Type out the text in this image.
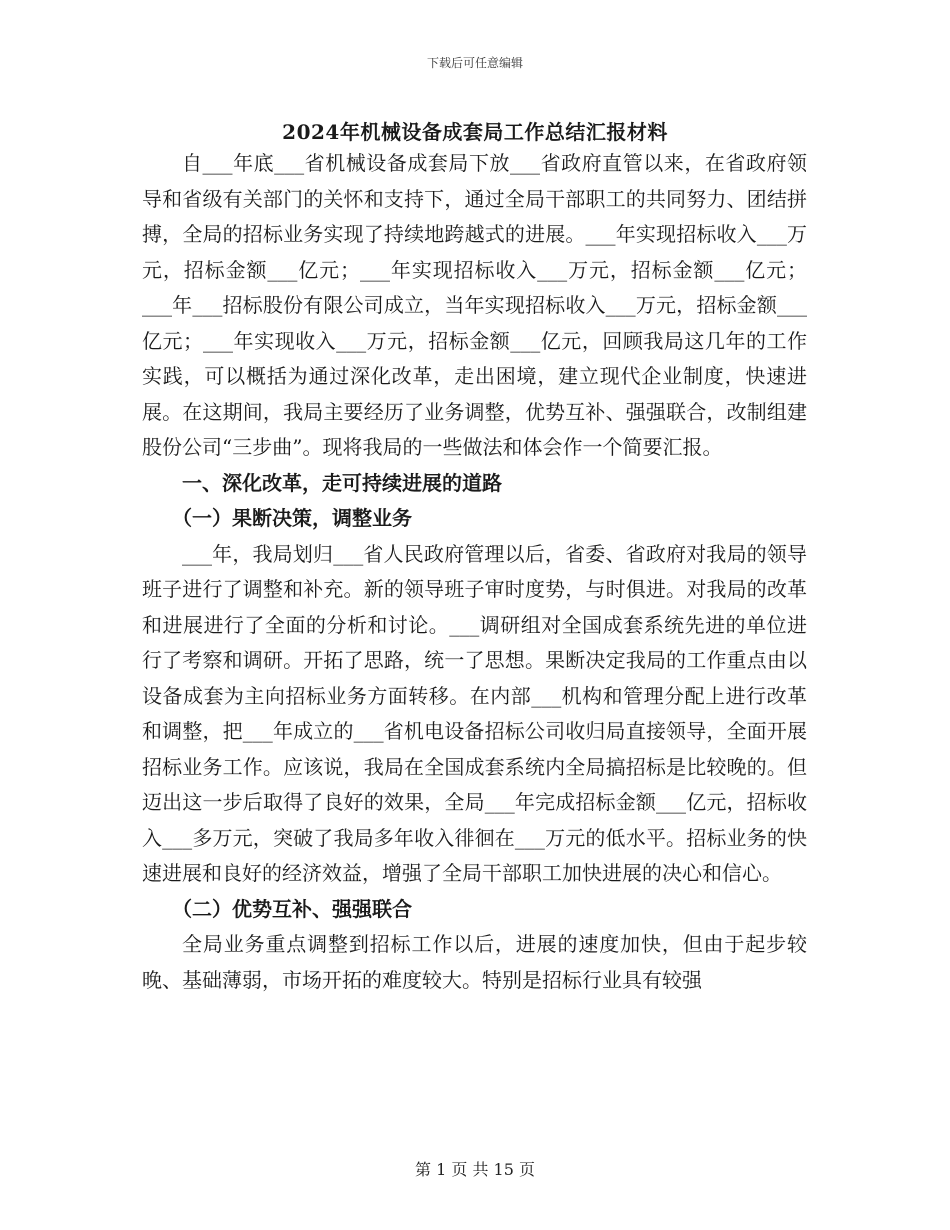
下载后可任意编辑
2024年机械设备成套局工作总结汇报材料

自___年底___省机械设备成套局下放___省政府直管以来，在省政府领导和省级有关部门的关怀和支持下，通过全局干部职工的共同努力、团结拼搏，全局的招标业务实现了持续地跨越式的进展。___年实现招标收入___万元，招标金额___亿元；___年实现招标收入___万元，招标金额___亿元；___年___招标股份有限公司成立，当年实现招标收入___万元，招标金额___亿元；___年实现收入___万元，招标金额___亿元，回顾我局这几年的工作实践，可以概括为通过深化改革，走出困境，建立现代企业制度，快速进展。在这期间，我局主要经历了业务调整，优势互补、强强联合，改制组建股份公司“三步曲”。现将我局的一些做法和体会作一个简要汇报。

一、深化改革，走可持续进展的道路
（一）果断决策，调整业务

___年，我局划归___省人民政府管理以后，省委、省政府对我局的领导班子进行了调整和补充。新的领导班子审时度势，与时俱进。对我局的改革和进展进行了全面的分析和讨论。___调研组对全国成套系统先进的单位进行了考察和调研。开拓了思路，统一了思想。果断决定我局的工作重点由以设备成套为主向招标业务方面转移。在内部___机构和管理分配上进行改革和调整，把___年成立的___省机电设备招标公司收归局直接领导，全面开展招标业务工作。应该说，我局在全国成套系统内全局搞招标是比较晚的。但迈出这一步后取得了良好的效果，全局___年完成招标金额___亿元，招标收入___多万元，突破了我局多年收入徘徊在___万元的低水平。招标业务的快速进展和良好的经济效益，增强了全局干部职工加快进展的决心和信心。

（二）优势互补、强强联合

全局业务重点调整到招标工作以后，进展的速度加快，但由于起步较晚、基础薄弱，市场开拓的难度较大。特别是招标行业具有较强

第 1 页 共 15 页
